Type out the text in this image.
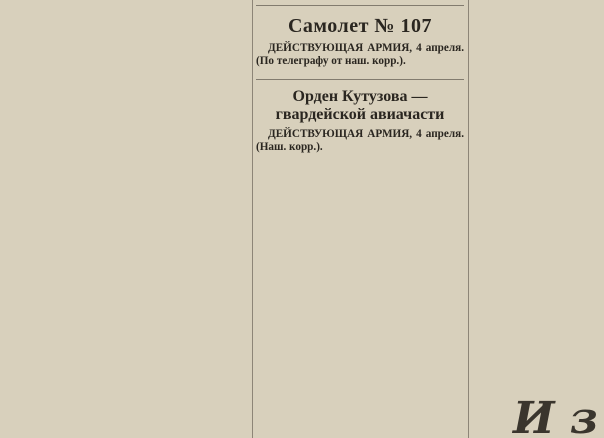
Самолет № 107

ДЕЙСТВУЮЩАЯ АРМИЯ, 4 апреля. (По телеграфу от наш. корр.).

Орден Кутузова —
гвардейской авиачасти

ДЕЙСТВУЮЩАЯ АРМИЯ, 4 апреля. (Наш. корр.).

И з
